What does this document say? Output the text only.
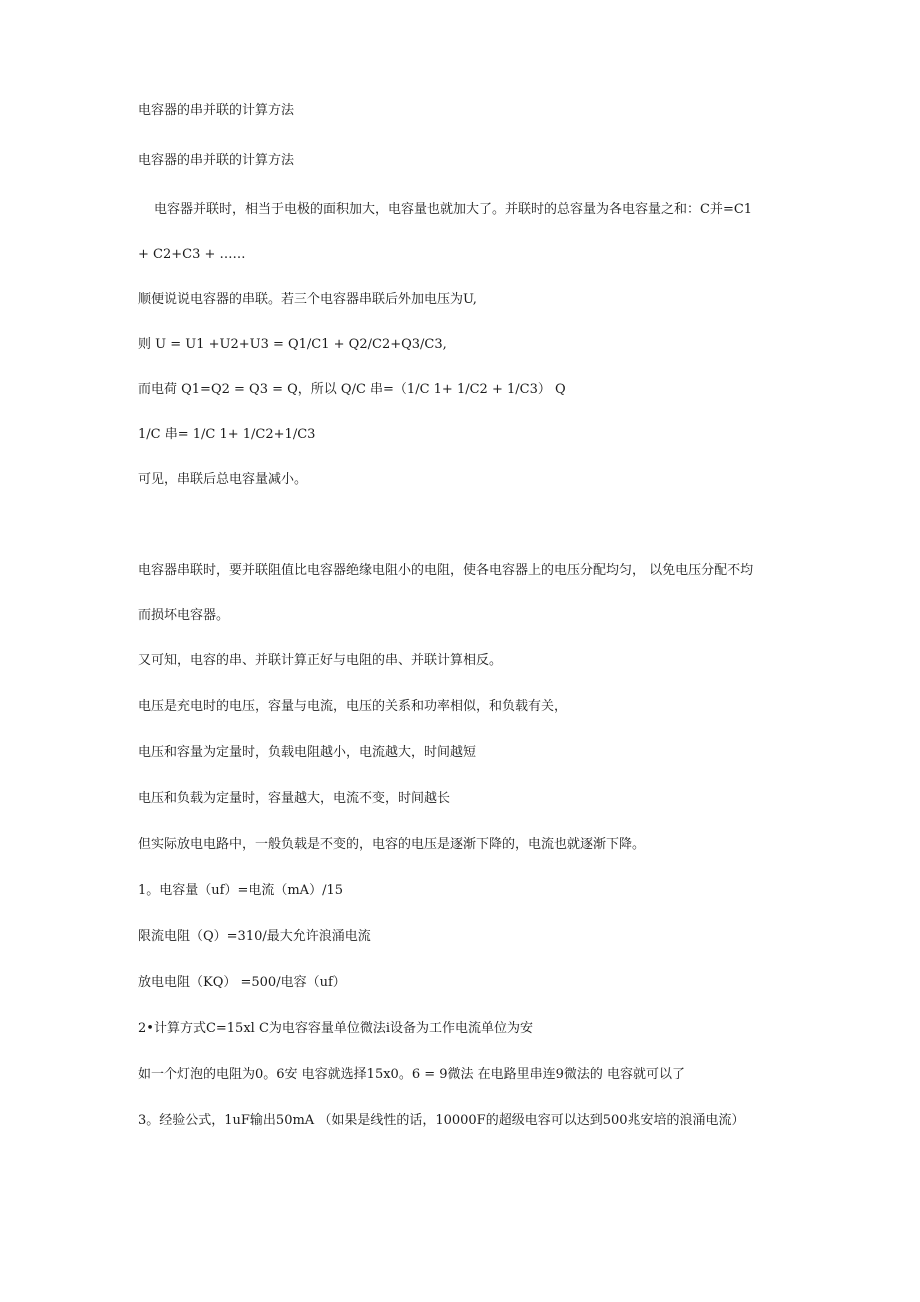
电容器的串并联的计算方法
电容器的串并联的计算方法
电容器并联时，相当于电极的面积加大，电容量也就加大了。并联时的总容量为各电容量之和：C并=C1
+ C2+C3 + ……
顺便说说电容器的串联。若三个电容器串联后外加电压为U,
则 U = U1 +U2+U3 = Q1/C1 + Q2/C2+Q3/C3,
而电荷 Q1=Q2 = Q3 = Q，所以 Q/C 串=（1/C 1+ 1/C2 + 1/C3） Q
1/C 串= 1/C 1+ 1/C2+1/C3
可见，串联后总电容量减小。
电容器串联时，要并联阻值比电容器绝缘电阻小的电阻，使各电容器上的电压分配均匀， 以免电压分配不均
而损坏电容器。
又可知，电容的串、并联计算正好与电阻的串、并联计算相反。
电压是充电时的电压，容量与电流，电压的关系和功率相似，和负载有关，
电压和容量为定量时，负载电阻越小，电流越大，时间越短
电压和负载为定量时，容量越大，电流不变，时间越长
但实际放电电路中，一般负载是不变的，电容的电压是逐渐下降的，电流也就逐渐下降。
1。电容量（uf）=电流（mA）/15
限流电阻（Q）=310/最大允许浪涌电流
放电电阻（KQ） =500/电容（uf）
2•计算方式C=15xl C为电容容量单位微法i设备为工作电流单位为安
如一个灯泡的电阻为0。6安 电容就选择15x0。6 = 9微法 在电路里串连9微法的 电容就可以了
3。经验公式，1uF输出50mA （如果是线性的话，10000F的超级电容可以达到500兆安培的浪涌电流）
